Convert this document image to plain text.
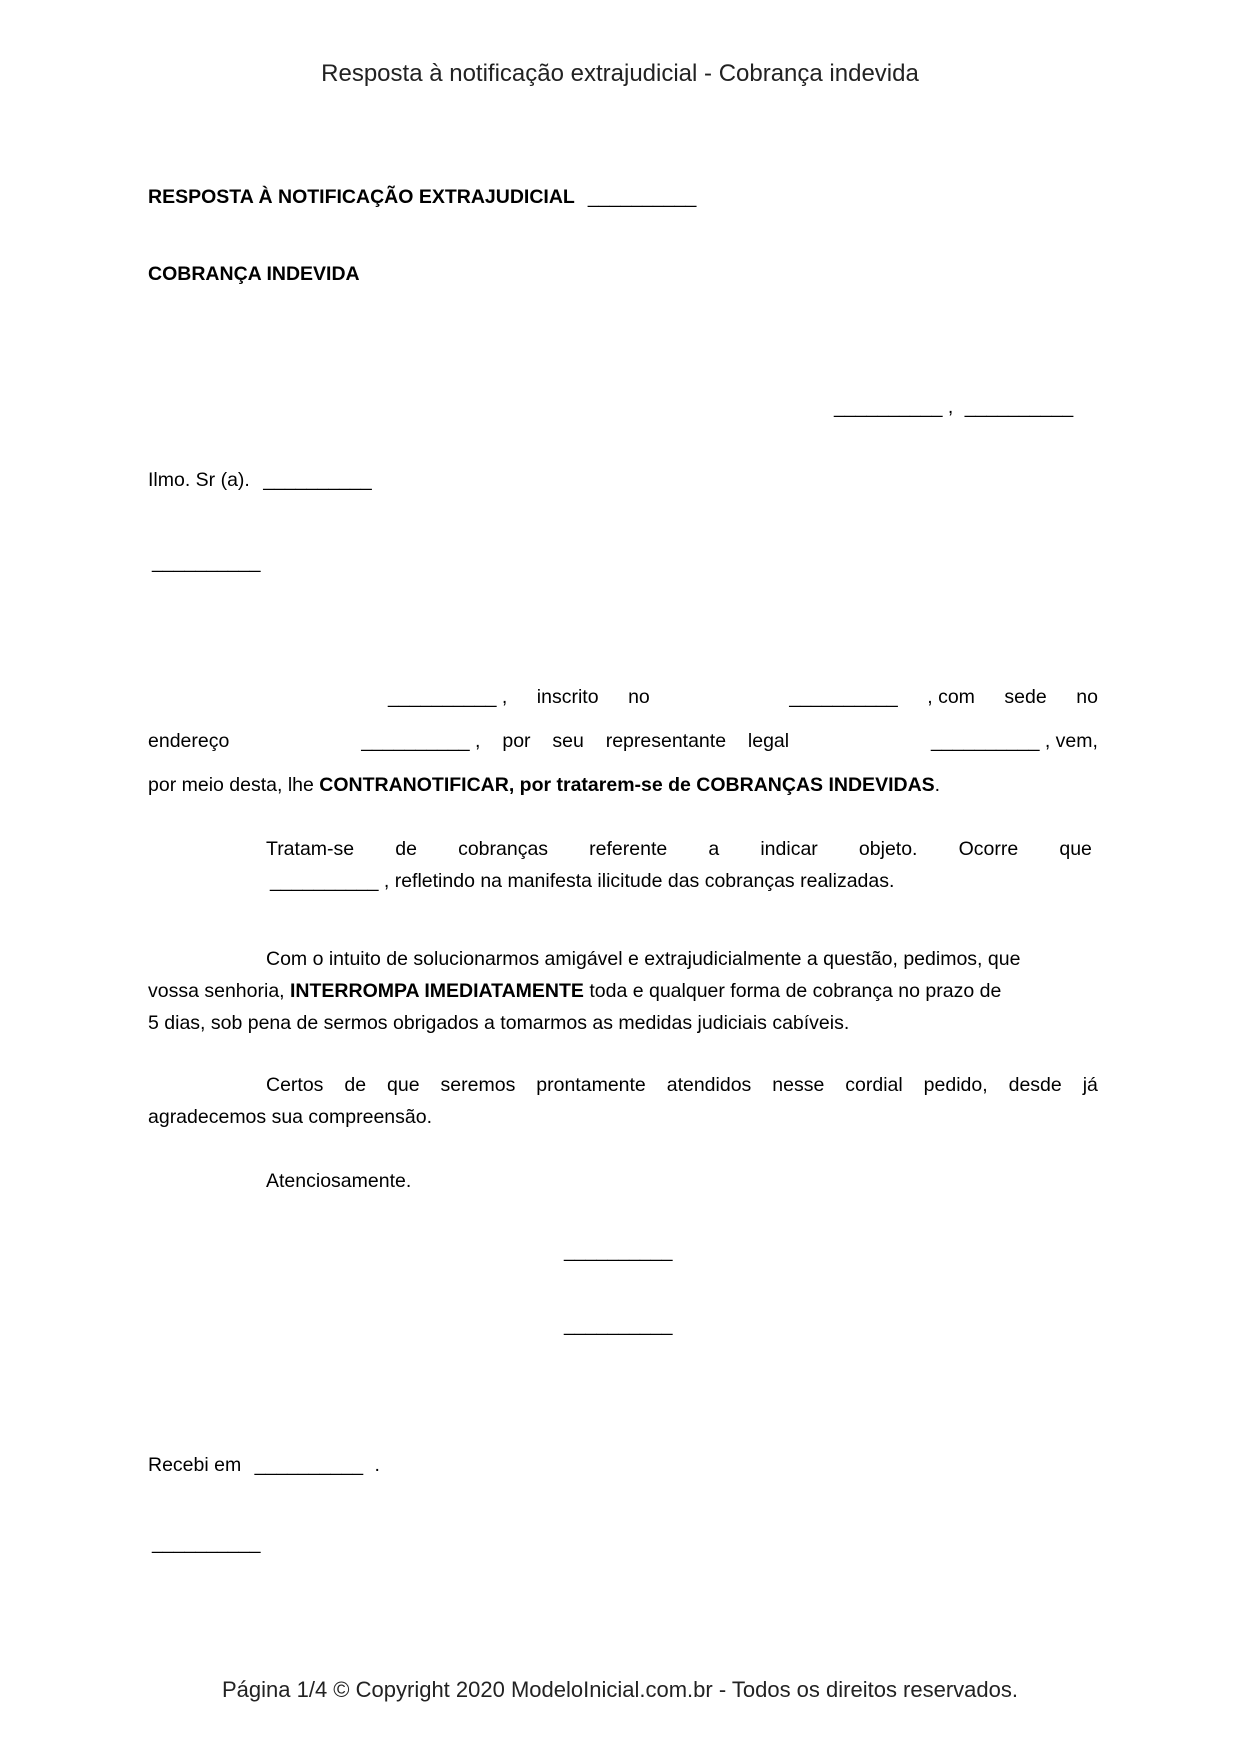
Resposta à notificação extrajudicial - Cobrança indevida
RESPOSTA À NOTIFICAÇÃO EXTRAJUDICIAL __________
COBRANÇA INDEVIDA
__________ , __________
Ilmo. Sr (a). __________
__________
__________ , inscrito no	__________ , com sede no
endereço	__________ , por seu representante legal	__________ , vem,
por meio desta, lhe CONTRANOTIFICAR, por tratarem-se de COBRANÇAS INDEVIDAS.
Tratam-se de cobranças referente a indicar objeto. Ocorre que
__________ , refletindo na manifesta ilicitude das cobranças realizadas.
Com o intuito de solucionarmos amigável e extrajudicialmente a questão, pedimos, que
vossa senhoria, INTERROMPA IMEDIATAMENTE toda e qualquer forma de cobrança no prazo de
5 dias, sob pena de sermos obrigados a tomarmos as medidas judiciais cabíveis.
Certos de que seremos prontamente atendidos nesse cordial pedido, desde já
agradecemos sua compreensão.
Atenciosamente.
__________
__________
Recebi em __________ .
__________
Página 1/4 © Copyright 2020 ModeloInicial.com.br - Todos os direitos reservados.
